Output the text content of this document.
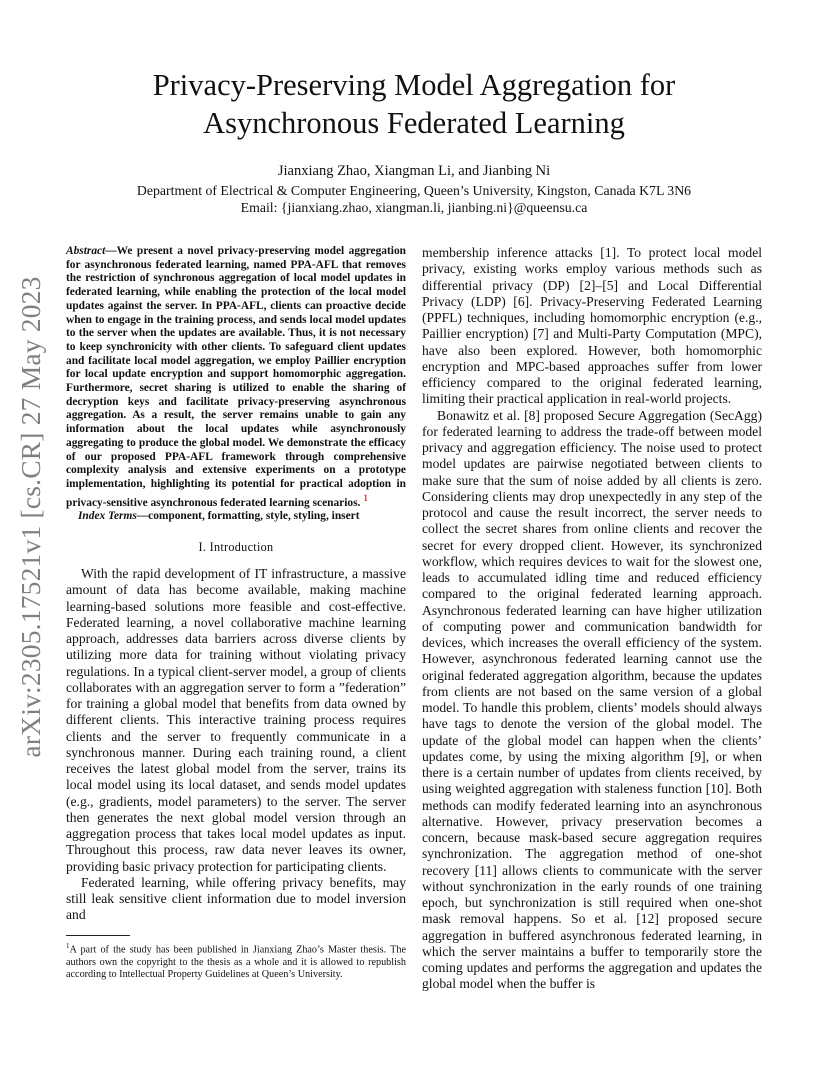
arXiv:2305.17521v1 [cs.CR] 27 May 2023
Privacy-Preserving Model Aggregation for
Asynchronous Federated Learning
Jianxiang Zhao, Xiangman Li, and Jianbing Ni
Department of Electrical & Computer Engineering, Queen’s University, Kingston, Canada K7L 3N6
Email: {jianxiang.zhao, xiangman.li, jianbing.ni}@queensu.ca

Abstract—We present a novel privacy-preserving model aggregation for asynchronous federated learning, named PPA-AFL that removes the restriction of synchronous aggregation of local model updates in federated learning, while enabling the protection of the local model updates against the server. In PPA-AFL, clients can proactive decide when to engage in the training process, and sends local model updates to the server when the updates are available. Thus, it is not necessary to keep synchronicity with other clients. To safeguard client updates and facilitate local model aggregation, we employ Paillier encryption for local update encryption and support homomorphic aggregation. Furthermore, secret sharing is utilized to enable the sharing of decryption keys and facilitate privacy-preserving asynchronous aggregation. As a result, the server remains unable to gain any information about the local updates while asynchronously aggregating to produce the global model. We demonstrate the efficacy of our proposed PPA-AFL framework through comprehensive complexity analysis and extensive experiments on a prototype implementation, highlighting its potential for practical adoption in privacy-sensitive asynchronous federated learning scenarios. $^1$

Index Terms—component, formatting, style, styling, insert

I. Introduction

With the rapid development of IT infrastructure, a massive amount of data has become available, making machine learning-based solutions more feasible and cost-effective. Federated learning, a novel collaborative machine learning approach, addresses data barriers across diverse clients by utilizing more data for training without violating privacy regulations. In a typical client-server model, a group of clients collaborates with an aggregation server to form a ”federation” for training a global model that benefits from data owned by different clients. This interactive training process requires clients and the server to frequently communicate in a synchronous manner. During each training round, a client receives the latest global model from the server, trains its local model using its local dataset, and sends model updates (e.g., gradients, model parameters) to the server. The server then generates the next global model version through an aggregation process that takes local model updates as input. Throughout this process, raw data never leaves its owner, providing basic privacy protection for participating clients.

Federated learning, while offering privacy benefits, may still leak sensitive client information due to model inversion and

membership inference attacks [1]. To protect local model privacy, existing works employ various methods such as differential privacy (DP) [2]–[5] and Local Differential Privacy (LDP) [6]. Privacy-Preserving Federated Learning (PPFL) techniques, including homomorphic encryption (e.g., Paillier encryption) [7] and Multi-Party Computation (MPC), have also been explored. However, both homomorphic encryption and MPC-based approaches suffer from lower efficiency compared to the original federated learning, limiting their practical application in real-world projects.

Bonawitz et al. [8] proposed Secure Aggregation (SecAgg) for federated learning to address the trade-off between model privacy and aggregation efficiency. The noise used to protect model updates are pairwise negotiated between clients to make sure that the sum of noise added by all clients is zero. Considering clients may drop unexpectedly in any step of the protocol and cause the result incorrect, the server needs to collect the secret shares from online clients and recover the secret for every dropped client. However, its synchronized workflow, which requires devices to wait for the slowest one, leads to accumulated idling time and reduced efficiency compared to the original federated learning approach. Asynchronous federated learning can have higher utilization of computing power and communication bandwidth for devices, which increases the overall efficiency of the system. However, asynchronous federated learning cannot use the original federated aggregation algorithm, because the updates from clients are not based on the same version of a global model. To handle this problem, clients’ models should always have tags to denote the version of the global model. The update of the global model can happen when the clients’ updates come, by using the mixing algorithm [9], or when there is a certain number of updates from clients received, by using weighted aggregation with staleness function [10]. Both methods can modify federated learning into an asynchronous alternative. However, privacy preservation becomes a concern, because mask-based secure aggregation requires synchronization. The aggregation method of one-shot recovery [11] allows clients to communicate with the server without synchronization in the early rounds of one training epoch, but synchronization is still required when one-shot mask removal happens. So et al. [12] proposed secure aggregation in buffered asynchronous federated learning, in which the server maintains a buffer to temporarily store the coming updates and performs the aggregation and updates the global model when the buffer is

$^1$A part of the study has been published in Jianxiang Zhao’s Master thesis. The authors own the copyright to the thesis as a whole and it is allowed to republish according to Intellectual Property Guidelines at Queen’s University.
